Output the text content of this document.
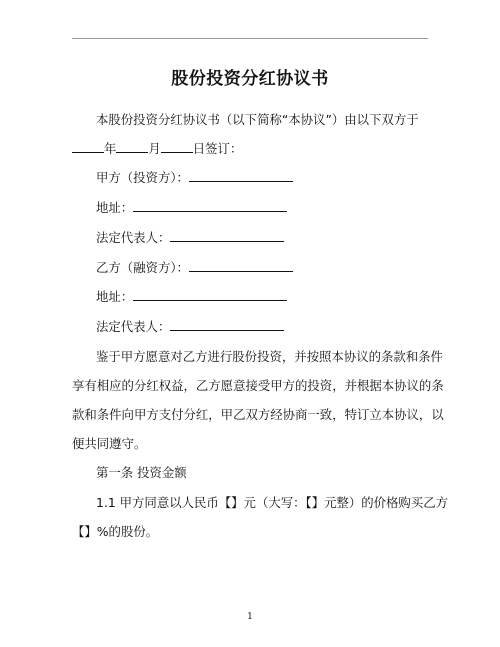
股份投资分红协议书
本股份投资分红协议书（以下简称“本协议”）由以下双方于
年	月	日签订：
甲方（投资方）：
地址：
法定代表人：
乙方（融资方）：
地址：
法定代表人：
鉴于甲方愿意对乙方进行股份投资，并按照本协议的条款和条件
享有相应的分红权益，乙方愿意接受甲方的投资，并根据本协议的条
款和条件向甲方支付分红，甲乙双方经协商一致，特订立本协议，以
便共同遵守。
第一条 投资金额
1.1 甲方同意以人民币【】元（大写：【】元整）的价格购买乙方
【】%的股份。
1
